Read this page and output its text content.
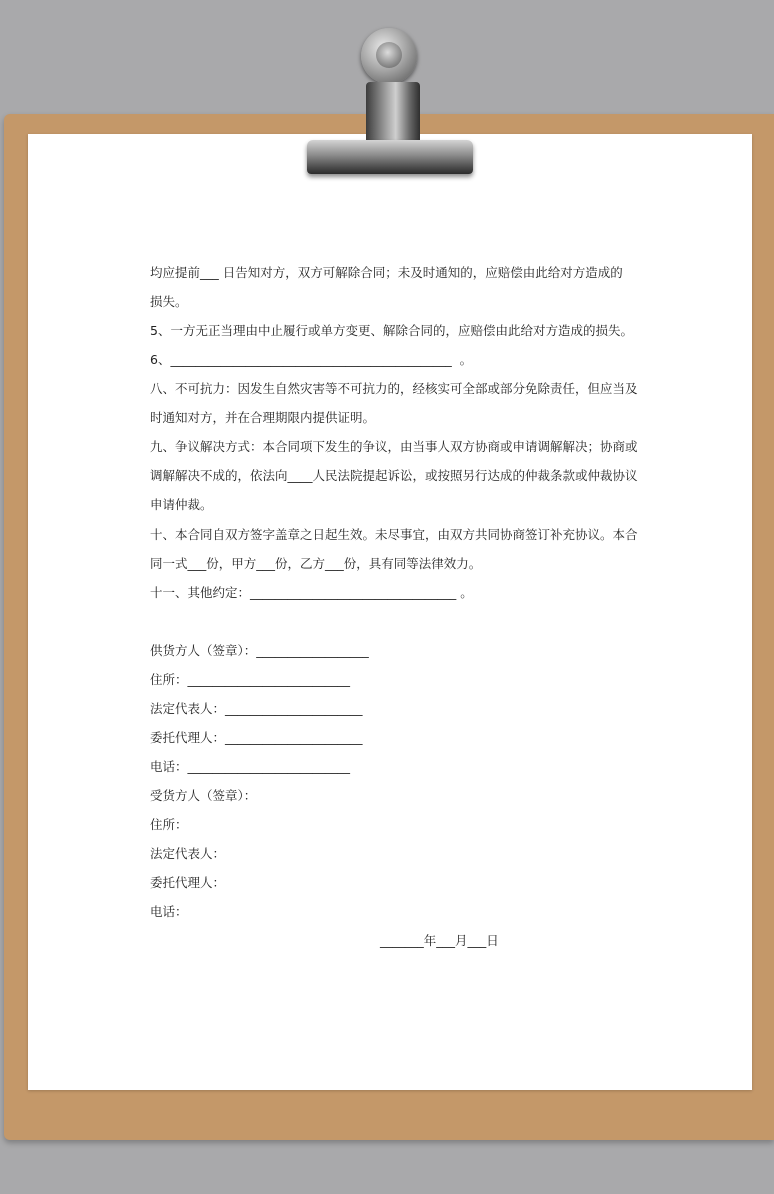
均应提前___ 日告知对方，双方可解除合同；未及时通知的，应赔偿由此给对方造成的
损失。
5、一方无正当理由中止履行或单方变更、解除合同的，应赔偿由此给对方造成的损失。
6、_____________________________________________  。
八、不可抗力：因发生自然灾害等不可抗力的，经核实可全部或部分免除责任，但应当及
时通知对方，并在合理期限内提供证明。
九、争议解决方式：本合同项下发生的争议，由当事人双方协商或申请调解解决；协商或
调解解决不成的，依法向____人民法院提起诉讼，或按照另行达成的仲裁条款或仲裁协议
申请仲裁。
十、本合同自双方签字盖章之日起生效。未尽事宜，由双方共同协商签订补充协议。本合
同一式___份，甲方___份，乙方___份，具有同等法律效力。
十一、其他约定：_________________________________ 。
供货方人（签章）：__________________
住所：__________________________
法定代表人：______________________
委托代理人：______________________
电话：__________________________
受货方人（签章）：
住所：
法定代表人：
委托代理人：
电话：
_______年___月___日
